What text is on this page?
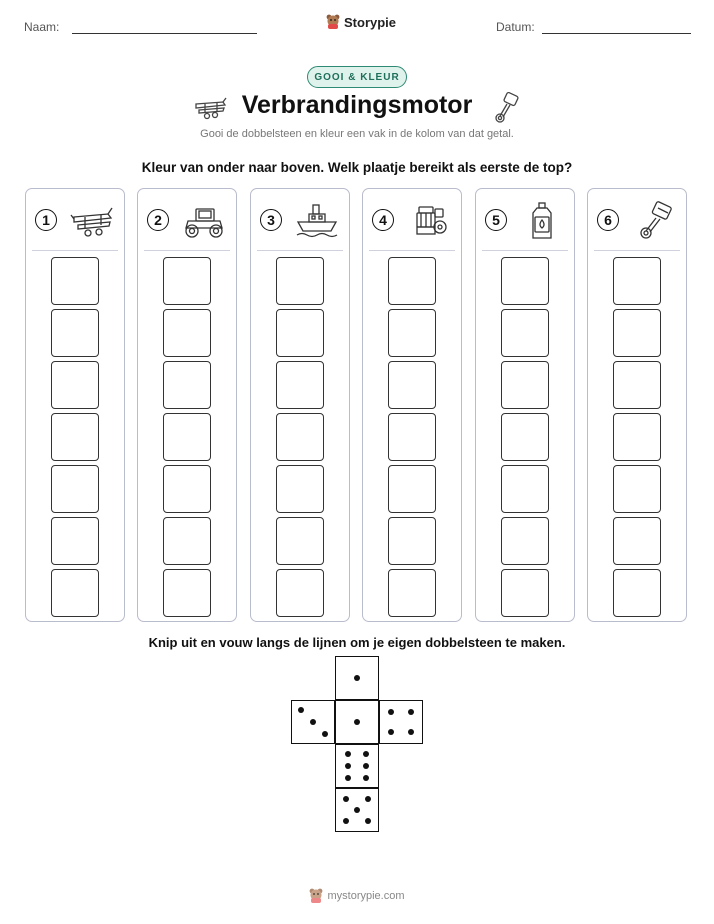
Naam:	Storypie	Datum:
GOOI & KLEUR
Verbrandingsmotor
Gooi de dobbelsteen en kleur een vak in de kolom van dat getal.
Kleur van onder naar boven. Welk plaatje bereikt als eerste de top?
1	2	3	4	5	6
Knip uit en vouw langs de lijnen om je eigen dobbelsteen te maken.
mystorypie.com
